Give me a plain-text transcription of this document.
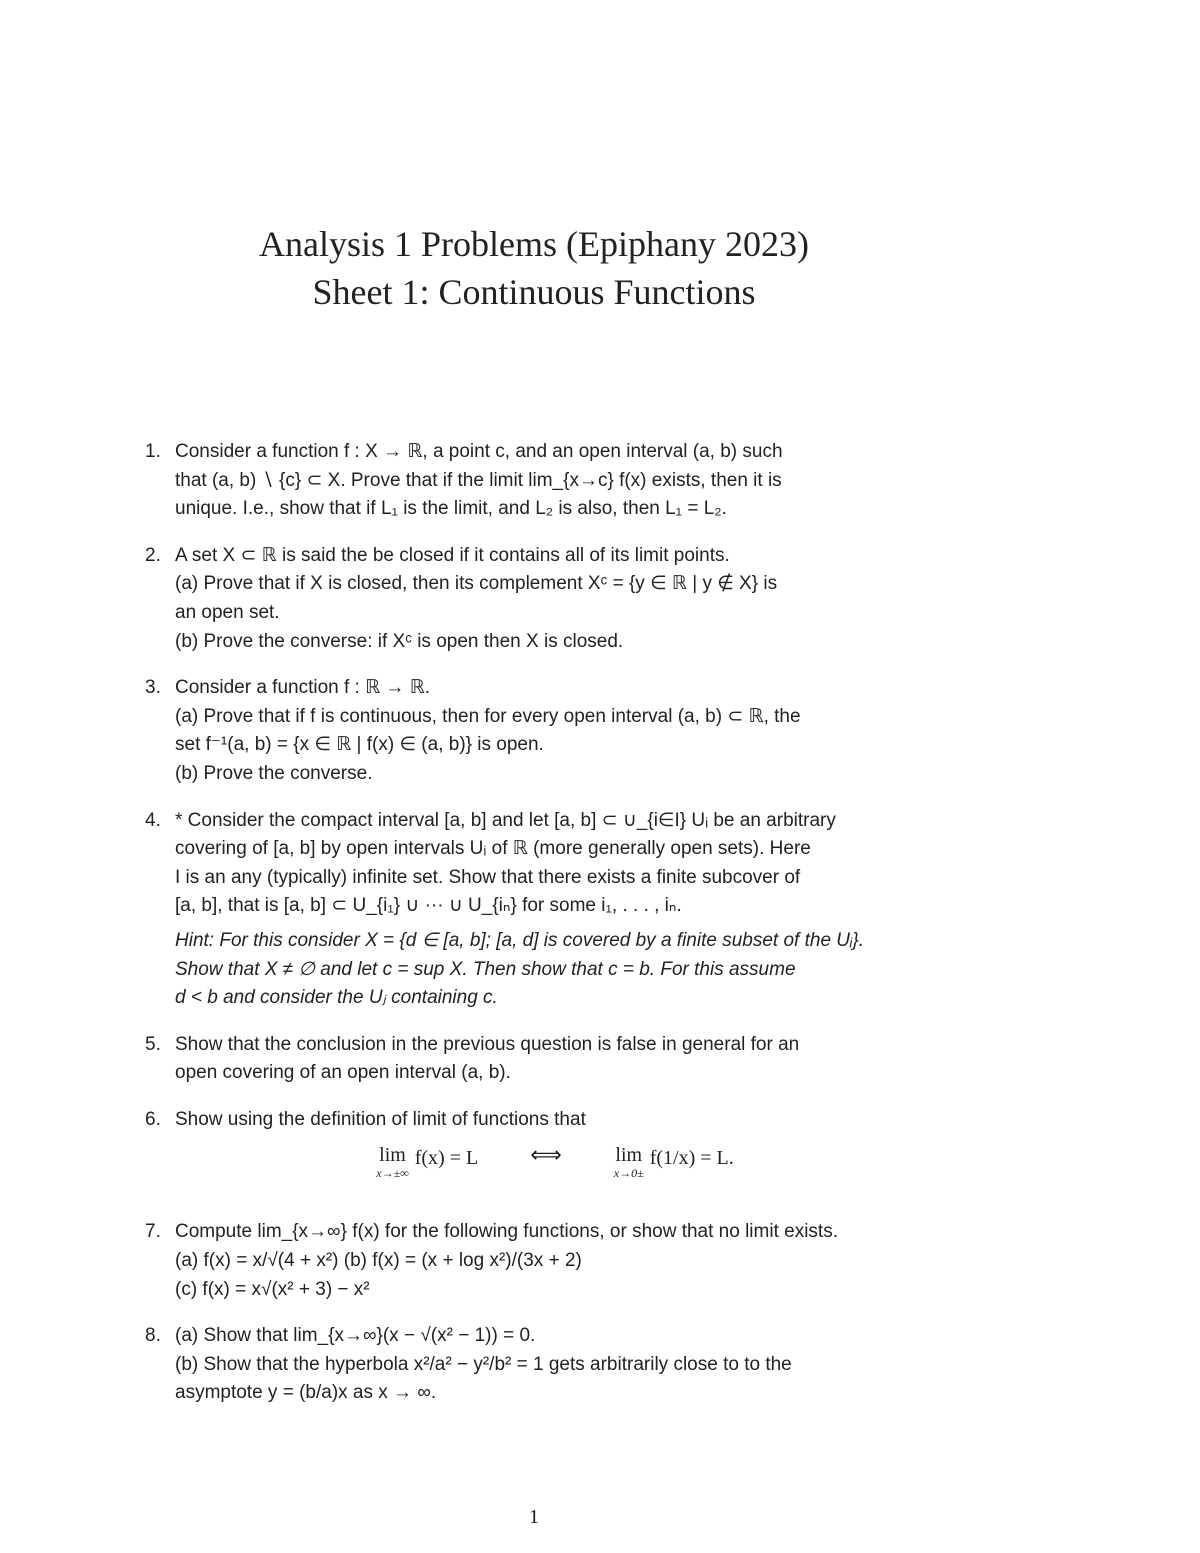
Analysis 1 Problems (Epiphany 2023)
Sheet 1: Continuous Functions
1. Consider a function f : X → ℝ, a point c, and an open interval (a, b) such
that (a, b) ∖ {c} ⊂ X. Prove that if the limit lim_{x→c} f(x) exists, then it is
unique. I.e., show that if L₁ is the limit, and L₂ is also, then L₁ = L₂.
2. A set X ⊂ ℝ is said the be closed if it contains all of its limit points.
(a) Prove that if X is closed, then its complement Xᶜ = {y ∈ ℝ | y ∉ X} is
an open set.
(b) Prove the converse: if Xᶜ is open then X is closed.
3. Consider a function f : ℝ → ℝ.
(a) Prove that if f is continuous, then for every open interval (a, b) ⊂ ℝ, the
set f⁻¹(a, b) = {x ∈ ℝ | f(x) ∈ (a, b)} is open.
(b) Prove the converse.
4. * Consider the compact interval [a, b] and let [a, b] ⊂ ∪_{i∈I} Uᵢ be an arbitrary
covering of [a, b] by open intervals Uᵢ of ℝ (more generally open sets). Here
I is an any (typically) infinite set. Show that there exists a finite subcover of
[a, b], that is [a, b] ⊂ U_{i₁} ∪ ··· ∪ U_{iₙ} for some i₁, . . . , iₙ.
Hint: For this consider X = {d ∈ [a, b]; [a, d] is covered by a finite subset of the Uᵢ}.
Show that X ≠ ∅ and let c = sup X. Then show that c = b. For this assume
d < b and consider the Uⱼ containing c.
5. Show that the conclusion in the previous question is false in general for an
open covering of an open interval (a, b).
6. Show using the definition of limit of functions that
lim
x→±∞
f(x) = L ⟺	lim
x→0±
f(1/x) = L.
7. Compute lim_{x→∞} f(x) for the following functions, or show that no limit exists.
(a) f(x) = x/√(4 + x²) (b) f(x) = (x + log x²)/(3x + 2)
(c) f(x) = x√(x² + 3) − x²
8. (a) Show that lim_{x→∞}(x − √(x² − 1)) = 0.
(b) Show that the hyperbola x²/a² − y²/b² = 1 gets arbitrarily close to to the
asymptote y = (b/a)x as x → ∞.
1
